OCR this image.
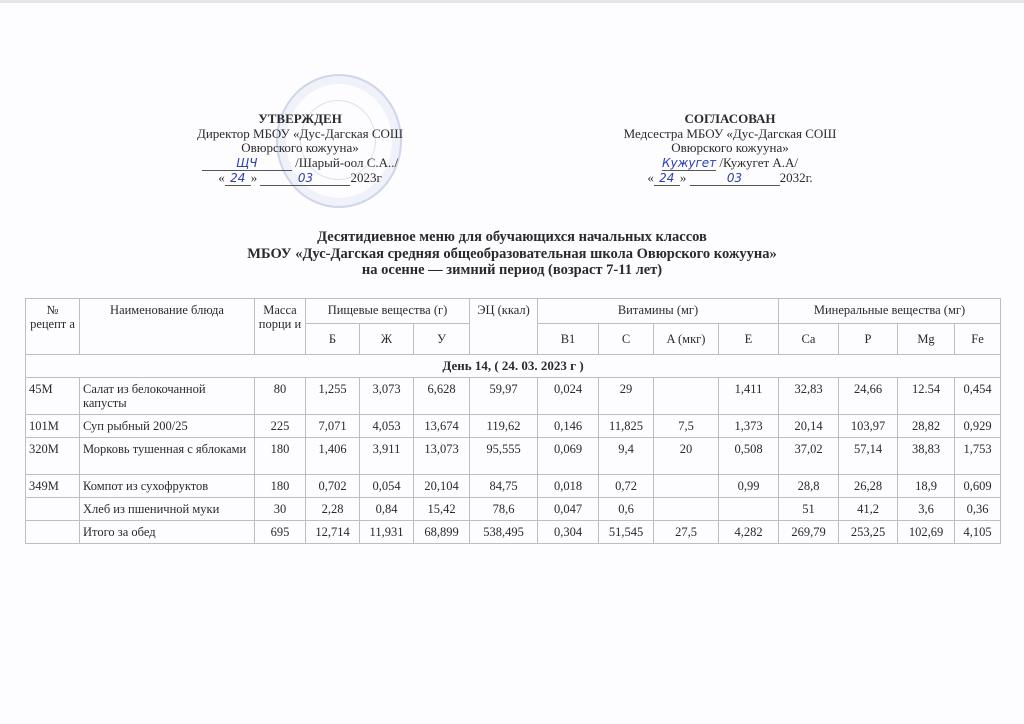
УТВЕРЖДЕН
Директор МБОУ «Дус-Дагская СОШ
Овюрского кожууна»
ЩЧ	/Шарый-оол С.А../
« 24 »	03	2023г
СОГЛАСОВАН
Медсестра МБОУ «Дус-Дагская СОШ
Овюрского кожууна»
Кужугет /Кужугет А.А/
« 24 »	03	2032г.
Десятидиевное меню для обучающихся начальных классов
МБОУ «Дус-Дагская средняя общеобразовательная школа Овюрского кожууна»
на осенне — зимний период (возраст 7-11 лет)
№ рецепт а	Наименование блюда	Масса порци и	Пищевые вещества (г)			ЭЦ (ккал)	Витамины (мг)				Минеральные вещества (мг)			
			Б	Ж	У		B1	C	A (мкг)	E	Ca	P	Mg	Fe
День 14, ( 24. 03. 2023 г )														
45М	Салат из белокочанной капусты	80	1,255	3,073	6,628	59,97	0,024	29		1,411	32,83	24,66	12.54	0,454
101М	Суп рыбный 200/25	225	7,071	4,053	13,674	119,62	0,146	11,825	7,5	1,373	20,14	103,97	28,82	0,929
320М	Морковь тушенная с яблоками	180	1,406	3,911	13,073	95,555	0,069	9,4	20	0,508	37,02	57,14	38,83	1,753
349М	Компот из сухофруктов	180	0,702	0,054	20,104	84,75	0,018	0,72		0,99	28,8	26,28	18,9	0,609
	Хлеб из пшеничной муки	30	2,28	0,84	15,42	78,6	0,047	0,6			51	41,2	3,6	0,36
	Итого за обед	695	12,714	11,931	68,899	538,495	0,304	51,545	27,5	4,282	269,79	253,25	102,69	4,105
